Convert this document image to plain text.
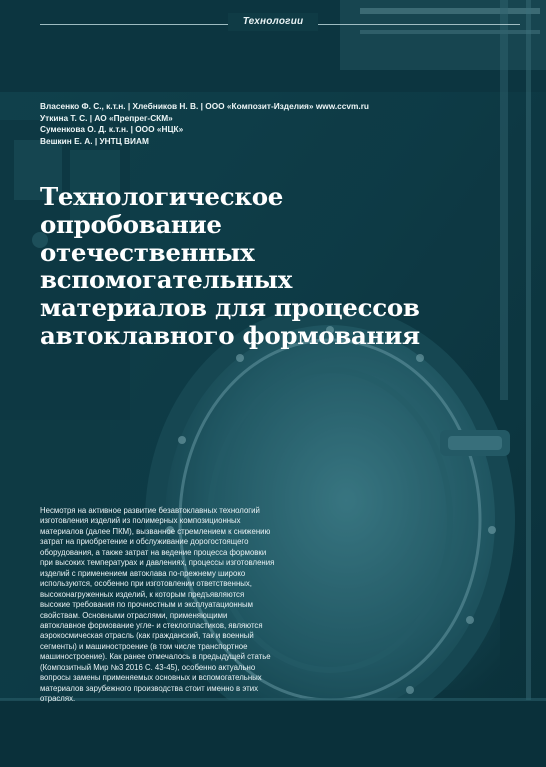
Технологии
Власенко Ф. С., к.т.н. | Хлебников Н. В. | ООО «Композит-Изделия» www.ccvm.ru
Уткина Т. С. | АО «Препрег-СКМ»
Суменкова О. Д. к.т.н. | ООО «НЦК»
Вешкин Е. А. | УНТЦ ВИАМ
Технологическое
опробование
отечественных
вспомогательных
материалов для процессов
автоклавного формования
Несмотря на активное развитие безавтоклавных технологий
изготовления изделий из полимерных композиционных
материалов (далее ПКМ), вызванное стремлением к снижению
затрат на приобретение и обслуживание дорогостоящего
оборудования, а также затрат на ведение процесса формовки
при высоких температурах и давлениях, процессы изготовления
изделий с применением автоклава по-прежнему широко
используются, особенно при изготовлении ответственных,
высоконагруженных изделий, к которым предъявляются
высокие требования по прочностным и эксплуатационным
свойствам. Основными отраслями, применяющими
автоклавное формование угле- и стеклопластиков, являются
аэрокосмическая отрасль (как гражданский, так и военный
сегменты) и машиностроение (в том числе транспортное
машиностроение). Как ранее отмечалось в предыдущей статье
(Композитный Мир №3 2016 С. 43-45), особенно актуально
вопросы замены применяемых основных и вспомогательных
материалов зарубежного производства стоит именно в этих
отраслях.
